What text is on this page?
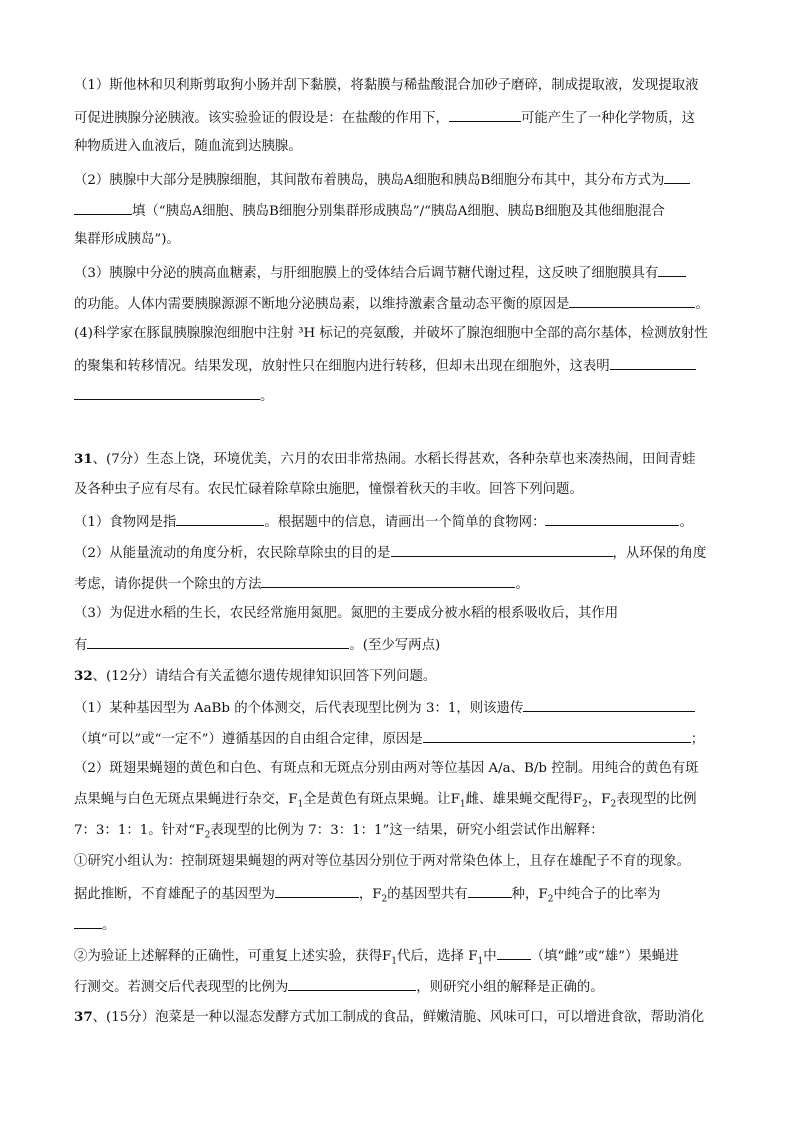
（1）斯他林和贝利斯剪取狗小肠并刮下黏膜，将黏膜与稀盐酸混合加砂子磨碎，制成提取液，发现提取液
可促进胰腺分泌胰液。该实验验证的假设是：在盐酸的作用下，	可能产生了一种化学物质，这
种物质进入血液后，随血流到达胰腺。
（2）胰腺中大部分是胰腺细胞，其间散布着胰岛，胰岛A细胞和胰岛B细胞分布其中，其分布方式为
填（“胰岛A细胞、胰岛B细胞分别集群形成胰岛”/“胰岛A细胞、胰岛B细胞及其他细胞混合
集群形成胰岛”)。
（3）胰腺中分泌的胰高血糖素，与肝细胞膜上的受体结合后调节糖代谢过程，这反映了细胞膜具有
的功能。人体内需要胰腺源源不断地分泌胰岛素，以维持激素含量动态平衡的原因是	。
(4)科学家在豚鼠胰腺腺泡细胞中注射 ³H 标记的亮氨酸，并破坏了腺泡细胞中全部的高尔基体，检测放射性
的聚集和转移情况。结果发现，放射性只在细胞内进行转移，但却未出现在细胞外，这表明
。
31、(7分）生态上饶，环境优美，六月的农田非常热闹。水稻长得甚欢，各种杂草也来凑热闹，田间青蛙
及各种虫子应有尽有。农民忙碌着除草除虫施肥，憧憬着秋天的丰收。回答下列问题。
（1）食物网是指	。根据题中的信息，请画出一个简单的食物网：	。
（2）从能量流动的角度分析，农民除草除虫的目的是	，从环保的角度
考虑，请你提供一个除虫的方法	。
（3）为促进水稻的生长，农民经常施用氮肥。氮肥的主要成分被水稻的根系吸收后，其作用
有	。(至少写两点)
32、(12分）请结合有关孟德尔遗传规律知识回答下列问题。
（1）某种基因型为 AaBb 的个体测交，后代表现型比例为 3：1，则该遗传
（填“可以”或“一定不”）遵循基因的自由组合定律，原因是	；
（2）斑翅果蝇翅的黄色和白色、有斑点和无斑点分别由两对等位基因 A/a、B/b 控制。用纯合的黄色有斑
点果蝇与白色无斑点果蝇进行杂交，$F_1$全是黄色有斑点果蝇。让$F_1$雌、雄果蝇交配得$F_2$，$F_2$表现型的比例
7：3：1：1。针对“$F_2$表现型的比例为 7：3：1：1”这一结果，研究小组尝试作出解释：
①研究小组认为：控制斑翅果蝇翅的两对等位基因分别位于两对常染色体上，且存在雄配子不育的现象。
据此推断，不育雄配子的基因型为	，$F_2$的基因型共有	种，$F_2$中纯合子的比率为
。
②为验证上述解释的正确性，可重复上述实验，获得$F_1$代后，选择 $F_1$中	（填“雌”或“雄”）果蝇进
行测交。若测交后代表现型的比例为	，则研究小组的解释是正确的。
37、(15分）泡菜是一种以湿态发酵方式加工制成的食品，鲜嫩清脆、风味可口，可以增进食欲，帮助消化
